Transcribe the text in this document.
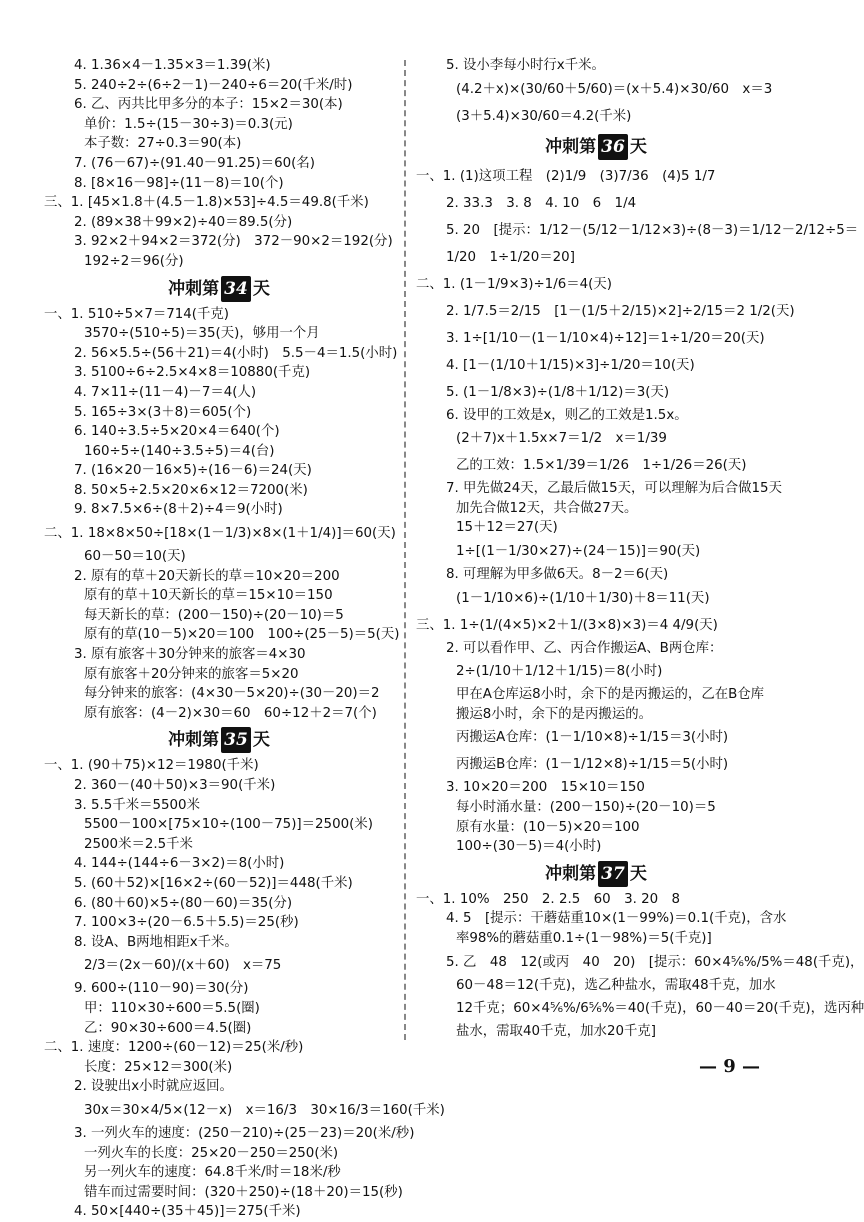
4. 1.36×4－1.35×3＝1.39(米)
5. 240÷2÷(6÷2－1)－240÷6＝20(千米/时)
6. 乙、丙共比甲多分的本子：15×2＝30(本)
单价：1.5÷(15－30÷3)＝0.3(元)
本子数：27÷0.3＝90(本)
7. (76－67)÷(91.40－91.25)＝60(名)
8. [8×16－98]÷(11－8)＝10(个)
三、1. [45×1.8＋(4.5－1.8)×53]÷4.5＝49.8(千米)
2. (89×38＋99×2)÷40＝89.5(分)
3. 92×2＋94×2＝372(分)　372－90×2＝192(分)
192÷2＝96(分)
冲刺第 34 天
一、1. 510÷5×7＝714(千克)
3570÷(510÷5)＝35(天)，够用一个月
2. 56×5.5÷(56＋21)＝4(小时)　5.5－4＝1.5(小时)
3. 5100÷6÷2.5×4×8＝10880(千克)
4. 7×11÷(11－4)－7＝4(人)
5. 165÷3×(3＋8)＝605(个)
6. 140÷3.5÷5×20×4＝640(个)
160÷5÷(140÷3.5÷5)＝4(台)
7. (16×20－16×5)÷(16－6)＝24(天)
8. 50×5÷2.5×20×6×12＝7200(米)
9. 8×7.5×6÷(8＋2)÷4＝9(小时)
二、1. 18×8×50÷[18×(1－1/3)×8×(1＋1/4)]＝60(天)
60－50＝10(天)
2. 原有的草＋20天新长的草＝10×20＝200
原有的草＋10天新长的草＝15×10＝150
每天新长的草：(200－150)÷(20－10)＝5
原有的草(10－5)×20＝100　100÷(25－5)＝5(天)
3. 原有旅客＋30分钟来的旅客＝4×30
原有旅客＋20分钟来的旅客＝5×20
每分钟来的旅客：(4×30－5×20)÷(30－20)＝2
原有旅客：(4－2)×30＝60　60÷12＋2＝7(个)
冲刺第 35 天
一、1. (90＋75)×12＝1980(千米)
2. 360－(40＋50)×3＝90(千米)
3. 5.5千米＝5500米
5500－100×[75×10÷(100－75)]＝2500(米)
2500米＝2.5千米
4. 144÷(144÷6－3×2)＝8(小时)
5. (60＋52)×[16×2÷(60－52)]＝448(千米)
6. (80＋60)×5÷(80－60)＝35(分)
7. 100×3÷(20－6.5＋5.5)＝25(秒)
8. 设A、B两地相距x千米。
2/3＝(2x－60)/(x＋60)　x＝75
9. 600÷(110－90)＝30(分)
甲：110×30÷600＝5.5(圈)
乙：90×30÷600＝4.5(圈)
二、1. 速度：1200÷(60－12)＝25(米/秒)
长度：25×12＝300(米)
2. 设驶出x小时就应返回。
30x＝30×4/5×(12－x)　x＝16/3　30×16/3＝160(千米)
3. 一列火车的速度：(250－210)÷(25－23)＝20(米/秒)
一列火车的长度：25×20－250＝250(米)
另一列火车的速度：64.8千米/时＝18米/秒
错车而过需要时间：(320＋250)÷(18＋20)＝15(秒)
4. 50×[440÷(35＋45)]＝275(千米)
5. 设小李每小时行x千米。
(4.2＋x)×(30/60＋5/60)＝(x＋5.4)×30/60　x＝3
(3＋5.4)×30/60＝4.2(千米)
冲刺第 36 天
一、1. (1)这项工程　(2)1/9　(3)7/36　(4)5 1/7
2. 33.3　3. 8　4. 10　6　1/4
5. 20　[提示：1/12－(5/12－1/12×3)÷(8－3)＝1/12－2/12÷5＝
1/20　1÷1/20＝20]
二、1. (1－1/9×3)÷1/6＝4(天)
2. 1/7.5＝2/15　[1－(1/5＋2/15)×2]÷2/15＝2 1/2(天)
3. 1÷[1/10－(1－1/10×4)÷12]＝1÷1/20＝20(天)
4. [1－(1/10＋1/15)×3]÷1/20＝10(天)
5. (1－1/8×3)÷(1/8＋1/12)＝3(天)
6. 设甲的工效是x，则乙的工效是1.5x。
(2＋7)x＋1.5x×7＝1/2　x＝1/39
乙的工效：1.5×1/39＝1/26　1÷1/26＝26(天)
7. 甲先做24天，乙最后做15天，可以理解为后合做15天
加先合做12天，共合做27天。
15＋12＝27(天)
1÷[(1－1/30×27)÷(24－15)]＝90(天)
8. 可理解为甲多做6天。8－2＝6(天)
(1－1/10×6)÷(1/10＋1/30)＋8＝11(天)
三、1. 1÷(1/(4×5)×2＋1/(3×8)×3)＝4 4/9(天)
2. 可以看作甲、乙、丙合作搬运A、B两仓库：
2÷(1/10＋1/12＋1/15)＝8(小时)
甲在A仓库运8小时，余下的是丙搬运的，乙在B仓库
搬运8小时，余下的是丙搬运的。
丙搬运A仓库：(1－1/10×8)÷1/15＝3(小时)
丙搬运B仓库：(1－1/12×8)÷1/15＝5(小时)
3. 10×20＝200　15×10＝150
每小时涌水量：(200－150)÷(20－10)＝5
原有水量：(10－5)×20＝100
100÷(30－5)＝4(小时)
冲刺第 37 天
一、1. 10%　250　2. 2.5　60　3. 20　8
4. 5　[提示：干蘑菇重10×(1－99%)＝0.1(千克)，含水
率98%的蘑菇重0.1÷(1－98%)＝5(千克)]
5. 乙　48　12(或丙　40　20)　[提示：60×4⅚%/5%＝48(千克)，
60－48＝12(千克)，选乙种盐水，需取48千克，加水
12千克；60×4⅚%/6⅚%＝40(千克)，60－40＝20(千克)，选丙种
盐水，需取40千克，加水20千克]
— 9 —
